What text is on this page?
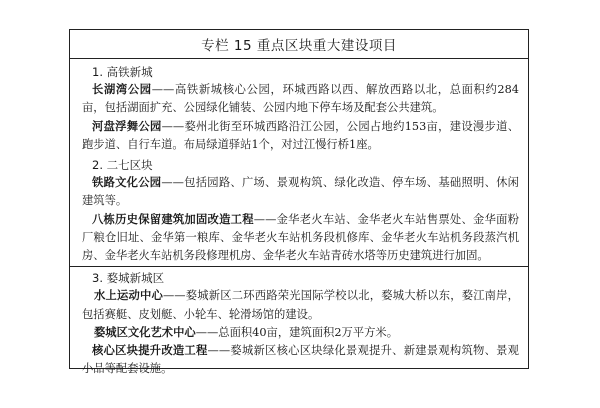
专栏 15 重点区块重大建设项目
1. 高铁新城

长湖湾公园——高铁新城核心公园，环城西路以西、解放西路以北，总面积约284亩，包括湖面扩充、公园绿化铺装、公园内地下停车场及配套公共建筑。

河盘浮舞公园——婺州北街至环城西路沿江公园，公园占地约153亩，建设漫步道、跑步道、自行车道。布局绿道驿站1个，对过江慢行桥1座。

2. 二七区块

铁路文化公园——包括园路、广场、景观构筑、绿化改造、停车场、基础照明、休闲建筑等。

八栋历史保留建筑加固改造工程——金华老火车站、金华老火车站售票处、金华面粉厂粮仓旧址、金华第一粮库、金华老火车站机务段机修库、金华老火车站机务段蒸汽机房、金华老火车站机务段修理机房、金华老火车站青砖水塔等历史建筑进行加固。

3. 婺城新城区

水上运动中心——婺城新区二环西路荣光国际学校以北，婺城大桥以东，婺江南岸，包括赛艇、皮划艇、小轮车、轮滑场馆的建设。

婺城区文化艺术中心——总面积40亩，建筑面积2万平方米。

核心区块提升改造工程——婺城新区核心区块绿化景观提升、新建景观构筑物、景观小品等配套设施。
